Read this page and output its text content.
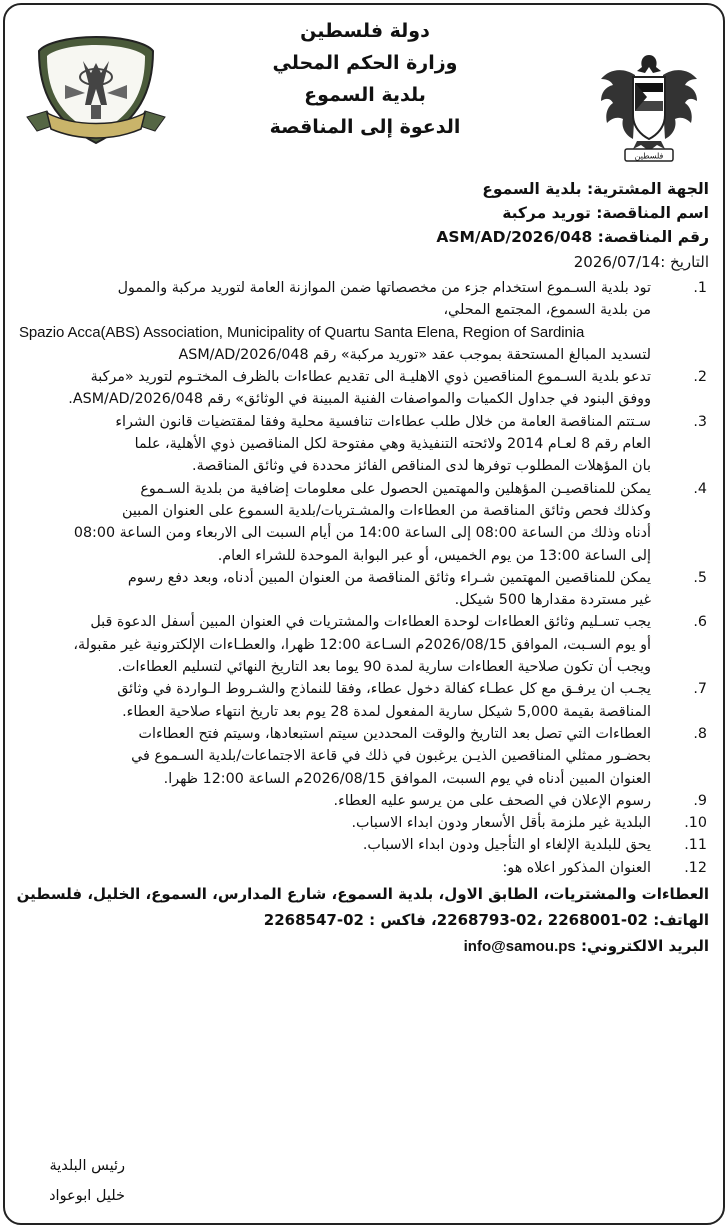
دولة فلسطين
وزارة الحكم المحلي
بلدية السموع
الدعوة إلى المناقصة
فلسطين
الجهة المشترية: بلدية السموع
اسم المناقصة: توريد مركبة
رقم المناقصة: ASM/AD/2026/048
التاريخ :2026/07/14
.1
تود بلدية السـموع استخدام جزء من مخصصاتها ضمن الموازنة العامة لتوريد مركبة والممول
من بلدية السموع، المجتمع المحلي،
Spazio Acca(ABS) Association, Municipality of Quartu Santa Elena, Region of Sardinia
لتسديد المبالغ المستحقة بموجب عقد «توريد مركبة» رقم ASM/AD/2026/048
.2
تدعو بلدية السـموع المناقصين ذوي الاهليـة الى تقديم عطاءات بالظرف المختـوم لتوريد «مركبة
ووفق البنود في جداول الكميات والمواصفات الفنية المبينة في الوثائق» رقم ASM/AD/2026/048.
.3
سـتتم المناقصة العامة من خلال طلب عطاءات تنافسية محلية وفقا لمقتضيات قانون الشراء
العام رقم 8 لعـام 2014 ولائحته التنفيذية وهي مفتوحة لكل المناقصين ذوي الأهلية، علما
بان المؤهلات المطلوب توفرها لدى المناقص الفائز محددة في وثائق المناقصة.
.4
يمكن للمناقصيـن المؤهلين والمهتمين الحصول على معلومات إضافية من بلدية السـموع
وكذلك فحص وثائق المناقصة من العطاءات والمشـتريات/بلدية السموع على العنوان المبين
أدناه وذلك من الساعة 08:00 إلى الساعة 14:00 من أيام السبت الى الاربعاء ومن الساعة 08:00
إلى الساعة 13:00 من يوم الخميس، أو عبر البوابة الموحدة للشراء العام.
.5
يمكن للمناقصين المهتمين شـراء وثائق المناقصة من العنوان المبين أدناه، وبعد دفع رسوم
غير مستردة مقدارها 500 شيكل.
.6
يجب تسـليم وثائق العطاءات لوحدة العطاءات والمشتريات في العنوان المبين أسفل الدعوة قبل
أو يوم السـبت، الموافق 2026/08/15م السـاعة 12:00 ظهرا، والعطـاءات الإلكترونية غير مقبولة،
ويجب أن تكون صلاحية العطاءات سارية لمدة 90 يوما بعد التاريخ النهائي لتسليم العطاءات.
.7
يجـب ان يرفـق مع كل عطـاء كفالة دخول عطاء، وفقا للنماذج والشـروط الـواردة في وثائق
المناقصة بقيمة 5,000 شيكل سارية المفعول لمدة 28 يوم بعد تاريخ انتهاء صلاحية العطاء.
.8
العطاءات التي تصل بعد التاريخ والوقت المحددين سيتم استبعادها، وسيتم فتح العطاءات
بحضـور ممثلي المناقصين الذيـن يرغبون في ذلك في قاعة الاجتماعات/بلدية السـموع في
العنوان المبين أدناه في يوم السبت، الموافق 2026/08/15م الساعة 12:00 ظهرا.
.9
رسوم الإعلان في الصحف على من يرسو عليه العطاء.
.10
البلدية غير ملزمة بأقل الأسعار ودون ابداء الاسباب.
.11
يحق للبلدية الإلغاء او التأجيل ودون ابداء الاسباب.
.12
العنوان المذكور اعلاه هو:
العطاءات والمشتريات، الطابق الاول، بلدية السموع، شارع المدارس، السموع، الخليل، فلسطين
الهاتف: 02-2268001 ،02-2268793، فاكس : 02-2268547
البريد الالكتروني: info@samou.ps
رئيس البلدية
خليل ابوعواد
